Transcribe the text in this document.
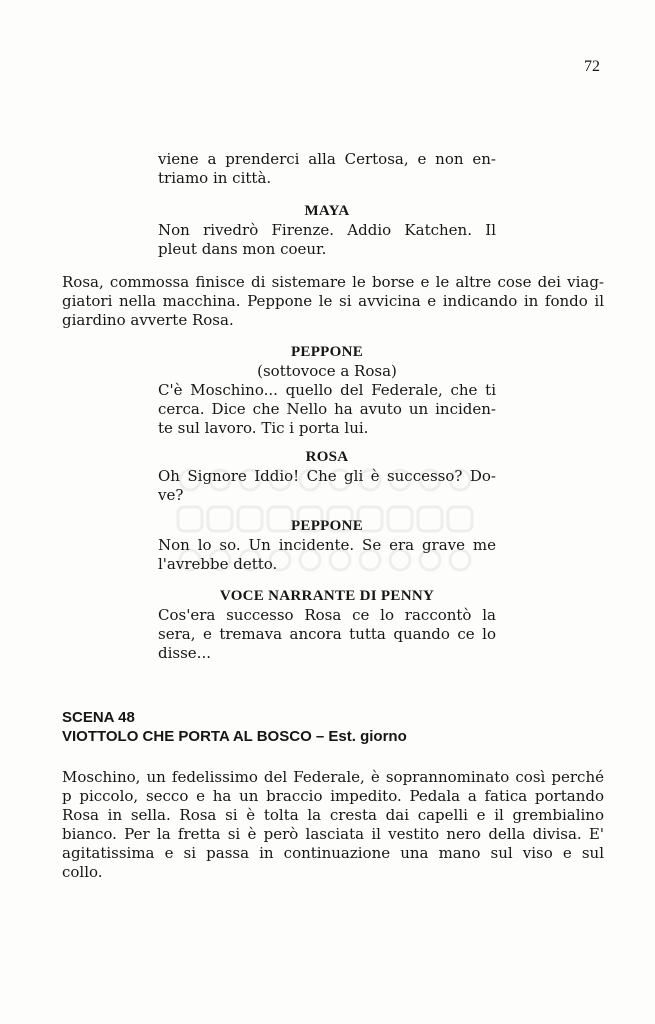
72
viene a prenderci alla Certosa, e non en-
triamo in città.
MAYA
Non rivedrò Firenze. Addio Katchen. Il
pleut dans mon coeur.
Rosa, commossa finisce di sistemare le borse e le altre cose dei viag-
giatori nella macchina. Peppone le si avvicina e indicando in fondo il
giardino avverte Rosa.
PEPPONE
(sottovoce a Rosa)
C'è Moschino... quello del Federale, che ti
cerca. Dice che Nello ha avuto un inciden-
te sul lavoro. Tic i porta lui.
ROSA
Oh Signore Iddio! Che gli è successo? Do-
ve?
PEPPONE
Non lo so. Un incidente. Se era grave me
l'avrebbe detto.
VOCE NARRANTE DI PENNY
Cos'era successo Rosa ce lo raccontò la
sera, e tremava ancora tutta quando ce lo
disse...
SCENA 48
VIOTTOLO CHE PORTA AL BOSCO – Est. giorno
Moschino, un fedelissimo del Federale, è soprannominato così perché
p piccolo, secco e ha un braccio impedito. Pedala a fatica portando
Rosa in sella. Rosa si è tolta la cresta dai capelli e il grembialino
bianco. Per la fretta si è però lasciata il vestito nero della divisa. E'
agitatissima e si passa in continuazione una mano sul viso e sul
collo.
